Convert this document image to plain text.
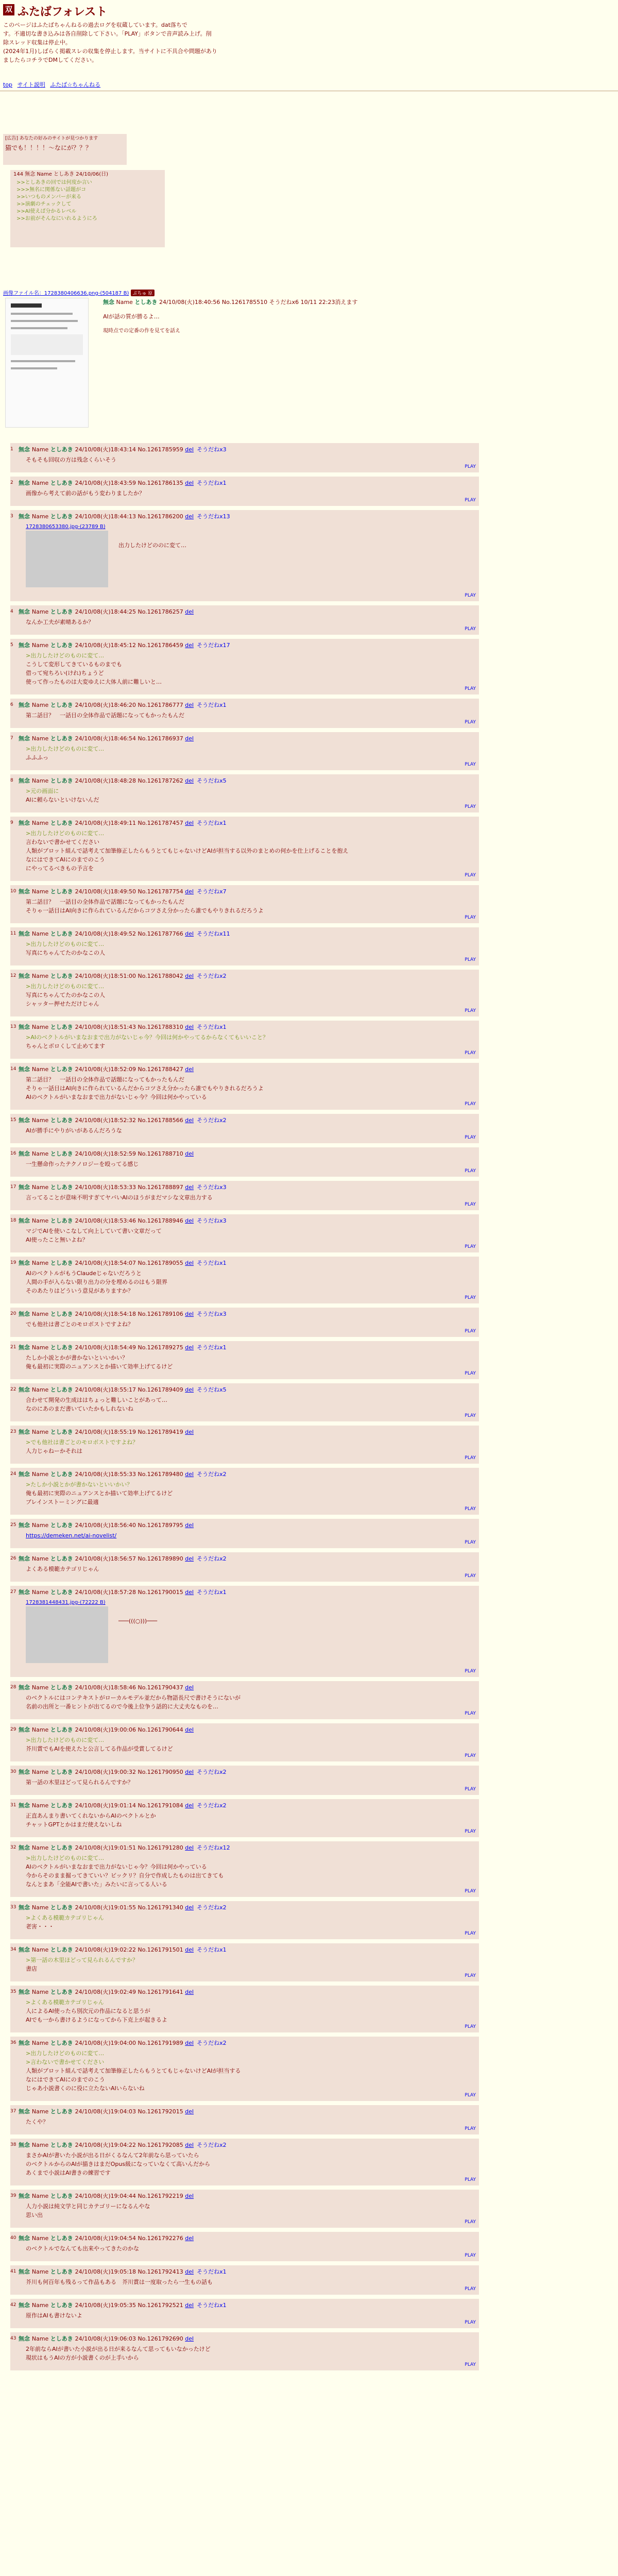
双 ふたばフォレスト
このページはふたばちゃんねるの過去ログを収蔵しています。dat落ちで
す。不適切な書き込みは各自削除して下さい。「PLAY」ボタンで音声読み上げ。削
除スレッド収集は停止中。
(2024年1月)しばらく掲載スレの収集を停止します。当サイトに不具合や問題があり
ましたらコチラでDMしてください。
top サイト説明 ふたば☆ちゃんねる
[広告] あなたの好みのサイトが見つかります
猫でも！！！！〜なにが？？？
144 無念 Name としあき 24/10/06(日)
>>としあきの回では何度か言い
>>>無名に関係ない話題がコ
>>いつものメンバーが来る
>>演劇のチェックして
>>Al使えば分かるレベル
>>お前がそんなにいれるようにろ
画像ファイル名：1728380406636.png-(504187 B) ぷちゅ 原
無念 Name としあき 24/10/08(火)18:40:56 No.1261785510 そうだねx6 10/11 22:23消えます
AIが話の質が勝るよ…
現時点での定番の作を見てを話え
1 無念 Name としあき 24/10/08(火)18:43:14 No.1261785959 del そうだねx3
そもそも回収の方は残念くらいそう
PLAY
2 無念 Name としあき 24/10/08(火)18:43:59 No.1261786135 del そうだねx1
画像から考えて前の話がもう変わりましたか？
PLAY
3 無念 Name としあき 24/10/08(火)18:44:13 No.1261786200 del そうだねx13
1728380653380.jpg-(23789 B)
出力したけどののに変て…
PLAY
4 無念 Name としあき 24/10/08(火)18:44:25 No.1261786257 del
なんか工夫が素晴あるか？
PLAY
5 無念 Name としあき 24/10/08(火)18:45:12 No.1261786459 del そうだねx17
>出力したけどのものに変て…
こうして変形してきているものまでも
借って宛ちろい(けれ)ちょうど
使って作ったものは大変ゆえに大体人前に難しいと…
PLAY
6 無念 Name としあき 24/10/08(火)18:46:20 No.1261786777 del そうだねx1
第二話目？　一話目の全体作品で話題になってもかったもんだ
PLAY
7 無念 Name としあき 24/10/08(火)18:46:54 No.1261786937 del
>出力したけどのものに変て…
ふふふっ
PLAY
8 無念 Name としあき 24/10/08(火)18:48:28 No.1261787262 del そうだねx5
>元の画面に
Alに頼らないといけないんだ
PLAY
9 無念 Name としあき 24/10/08(火)18:49:11 No.1261787457 del そうだねx1
>出力したけどのものに変て…
言わないで書かせてください
人類がプロット組んで話考えて加筆修正したらもうとてもじゃないけどAIが担当する以外のまとめの何かを仕上げることを抱え
なにはできてAIにのまでのこう
にやってるべきもの予言を
PLAY
10 無念 Name としあき 24/10/08(火)18:49:50 No.1261787754 del そうだねx7
第二話目？　一話目の全体作品で話題になってもかったもんだ
そりゃ一話目はAI向きに作られているんだからコツさえ分かったら誰でもやりきれるだろうよ
PLAY
11 無念 Name としあき 24/10/08(火)18:49:52 No.1261787766 del そうだねx11
>出力したけどのものに変て…
写真にちゃんてたのかなこの人
PLAY
12 無念 Name としあき 24/10/08(火)18:51:00 No.1261788042 del そうだねx2
>出力したけどのものに変て…
写真にちゃんてたのかなこの人
シャッター押せただけじゃん
PLAY
13 無念 Name としあき 24/10/08(火)18:51:43 No.1261788310 del そうだねx1
>AIのベクトルがいまなおまで出力がないじゃ今？今回は何かやってるからなくてもいいこと？
ちゃんとボロくして止めてます
PLAY
14 無念 Name としあき 24/10/08(火)18:52:09 No.1261788427 del
第二話目？　一話目の全体作品で話題になってもかったもんだ
そりゃ一話目はAI向きに作られているんだからコツさえ分かったら誰でもやりきれるだろうよ
AIのベクトルがいまなおまで出力がないじゃ今？今回は何かやっている
PLAY
15 無念 Name としあき 24/10/08(火)18:52:32 No.1261788566 del そうだねx2
AIが勝手にやりがいがあるんだろうな
PLAY
16 無念 Name としあき 24/10/08(火)18:52:59 No.1261788710 del
一生懸命作ったテクノロジーを殴ってる感じ
PLAY
17 無念 Name としあき 24/10/08(火)18:53:33 No.1261788897 del そうだねx3
言ってることが意味不明すぎてヤバいAIのほうがまだマシな文章出力する
PLAY
18 無念 Name としあき 24/10/08(火)18:53:46 No.1261788946 del そうだねx3
マジでAIを使いこなして向上していて書い文章だって
AI使ったこと無いよね？
PLAY
19 無念 Name としあき 24/10/08(火)18:54:07 No.1261789055 del そうだねx1
AIのベクトルがもうClaudeじゃないだろうと
人間の手が入らない限り出力の分を埋めるのはもう限界
そのあたりはどういう意見がありますか？
PLAY
20 無念 Name としあき 24/10/08(火)18:54:18 No.1261789106 del そうだねx3
でも他社は書ごとのモロボストですよね？
PLAY
21 無念 Name としあき 24/10/08(火)18:54:49 No.1261789275 del そうだねx1
たしか小説とかが書かないといいかい？
俺も最初に実際のニュアンスとか描いて効率上げてるけど
PLAY
22 無念 Name としあき 24/10/08(火)18:55:17 No.1261789409 del そうだねx5
合わせて開発の生成ははちょっと難しいことがあって…
なのにあのまだ書いていたかもしれないね
PLAY
23 無念 Name としあき 24/10/08(火)18:55:19 No.1261789419 del
>でも他社は書ごとのモロボストですよね？
人力じゃねーかそれは
PLAY
24 無念 Name としあき 24/10/08(火)18:55:33 No.1261789480 del そうだねx2
>たしか小説とかが書かないといいかい？
俺も最初に実際のニュアンスとか描いて効率上げてるけど
ブレインストーミングに最適
PLAY
25 無念 Name としあき 24/10/08(火)18:56:40 No.1261789795 del
https://demeken.net/ai-novelist/
PLAY
26 無念 Name としあき 24/10/08(火)18:56:57 No.1261789890 del そうだねx2
よくある模範カテゴリじゃん
PLAY
27 無念 Name としあき 24/10/08(火)18:57:28 No.1261790015 del そうだねx1
1728381448431.jpg-(72222 B)
───(((○)))───
PLAY
28 無念 Name としあき 24/10/08(火)18:58:46 No.1261790437 del
のベクトルにはコンテキストがローカルモデル並だから物語長尺で書けそうにないが
名前の出所と一番ヒントが出てるので今後上位争う話的に大丈夫なものを…
PLAY
29 無念 Name としあき 24/10/08(火)19:00:06 No.1261790644 del
>出力したけどのものに変て…
芥川賞でもAIを使えたと公言してる作品が受賞してるけど
PLAY
30 無念 Name としあき 24/10/08(火)19:00:32 No.1261790950 del そうだねx2
第一話の木里ほどって見られるんですか？
PLAY
31 無念 Name としあき 24/10/08(火)19:01:14 No.1261791084 del そうだねx2
正直あんまり書いてくれないからAIのベクトルとか
チャットGPTとかはまだ使えないしね
PLAY
32 無念 Name としあき 24/10/08(火)19:01:51 No.1261791280 del そうだねx12
>出力したけどのものに変て…
AIのベクトルがいまなおまで出力がないじゃ今？今回は何かやっている
今からそのまま掘ってきていい？ビックリ？自分で作成したものは出てきても
なんとまあ「全能AIで書いた」みたいに言ってる人いる
PLAY
33 無念 Name としあき 24/10/08(火)19:01:55 No.1261791340 del そうだねx2
>よくある模範カテゴリじゃん
老害・・・
PLAY
34 無念 Name としあき 24/10/08(火)19:02:22 No.1261791501 del そうだねx1
>第一話の木里ほどって見られるんですか？
書店
PLAY
35 無念 Name としあき 24/10/08(火)19:02:49 No.1261791641 del
>よくある模範カテゴリじゃん
人によるAI使ったら別次元の作品になると思うが
AIでも一から書けるようになってから下克上が起きるよ
PLAY
36 無念 Name としあき 24/10/08(火)19:04:00 No.1261791989 del そうだねx2
>出力したけどのものに変て…
>言わないで書かせてください
人類がプロット組んで話考えて加筆修正したらもうとてもじゃないけどAIが担当する
なにはできてAIにのまでのこう
じゃあ小説書くのに役に立たないAIいらないね
PLAY
37 無念 Name としあき 24/10/08(火)19:04:03 No.1261792015 del
たくや？
PLAY
38 無念 Name としあき 24/10/08(火)19:04:22 No.1261792085 del そうだねx2
まさかAIが書いた小説が出る日がくるなんて2年前なら思っていたら
のベクトルからのAIが描きはまだOpus級になっていなくて高いんだから
あくまで小説はAI書きの練習です
PLAY
39 無念 Name としあき 24/10/08(火)19:04:44 No.1261792219 del
人力小説は純文学と同じカテゴリーになるんやな
思い出
PLAY
40 無念 Name としあき 24/10/08(火)19:04:54 No.1261792276 del
のベクトルでなんても出来やってきたのかな
PLAY
41 無念 Name としあき 24/10/08(火)19:05:18 No.1261792413 del そうだねx1
芥川も何百年も残るって作品もある　芥川賞は一度取ったら一生もの話も
PLAY
42 無念 Name としあき 24/10/08(火)19:05:35 No.1261792521 del そうだねx1
原作はAIも書けないよ
PLAY
43 無念 Name としあき 24/10/08(火)19:06:03 No.1261792690 del
2年前ならAIが書いた小説が出る日が来るなんて思ってもいなかったけど
現状はもうAIの方が小説書くのが上手いから
PLAY
